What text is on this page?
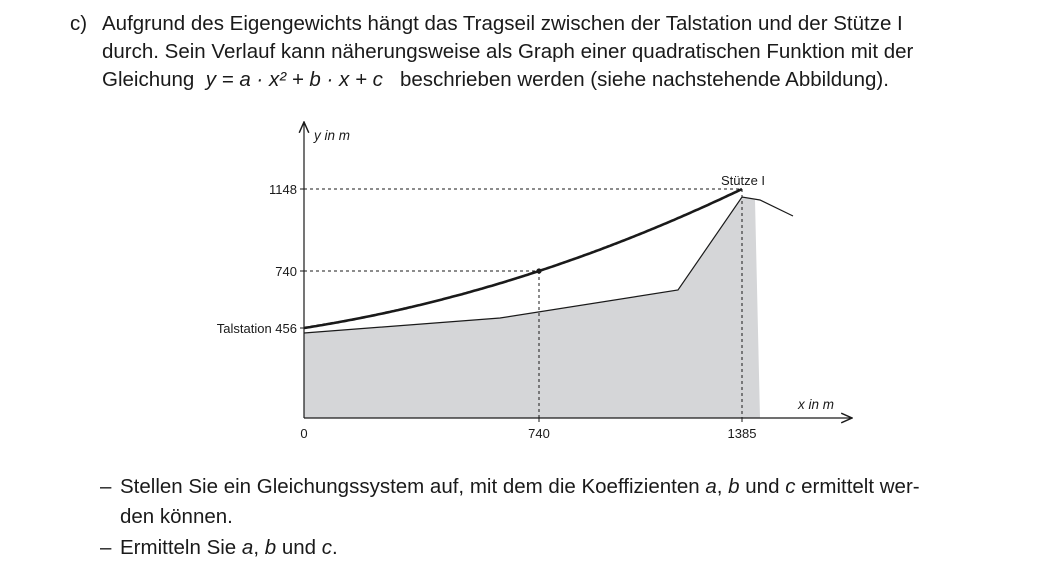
c) Aufgrund des Eigengewichts hängt das Tragseil zwischen der Talstation und der Stütze I
durch. Sein Verlauf kann näherungsweise als Graph einer quadratischen Funktion mit der
Gleichung y = a · x² + b · x + c beschrieben werden (siehe nachstehende Abbildung).
y in m
x in m
1148
740
Talstation 456
0	740	1385
Stütze I
– Stellen Sie ein Gleichungssystem auf, mit dem die Koeffizienten a, b und c ermittelt wer-
den können.
– Ermitteln Sie a, b und c.
